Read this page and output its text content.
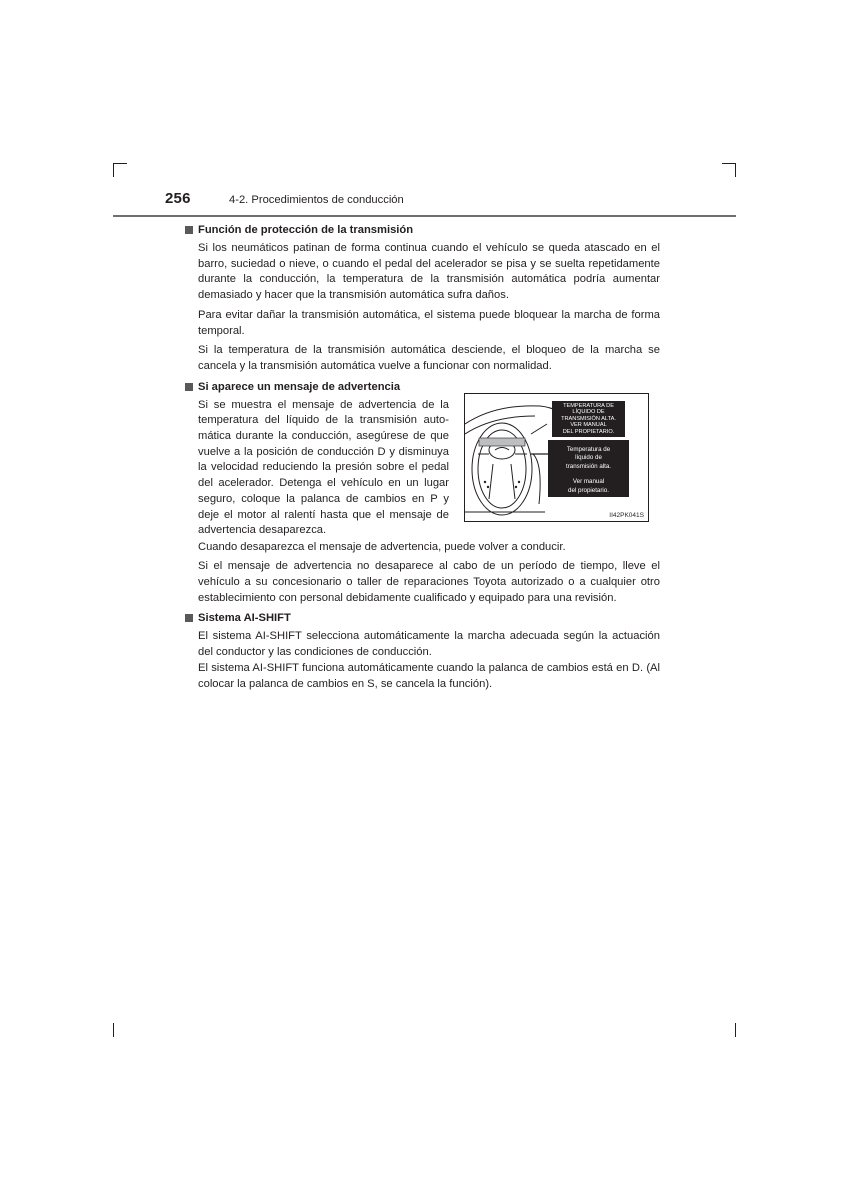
256	4-2. Procedimientos de conducción
Función de protección de la transmisión

Si los neumáticos patinan de forma continua cuando el vehículo se queda atascado en el barro, suciedad o nieve, o cuando el pedal del acelerador se pisa y se suelta repetidamente durante la conducción, la temperatura de la transmisión automática podría aumentar demasiado y hacer que la transmisión automática sufra daños.

Para evitar dañar la transmisión automática, el sistema puede bloquear la marcha de forma temporal.

Si la temperatura de la transmisión automática desciende, el bloqueo de la marcha se cancela y la transmisión automática vuelve a funcionar con normalidad.

Si aparece un mensaje de advertencia
Si se muestra el mensaje de advertencia de la temperatura del líquido de la transmisión automática durante la conducción, asegúrese de que vuelve a la posición de conducción D y disminuya la velocidad reduciendo la presión sobre el pedal del acelerador. Detenga el vehículo en un lugar seguro, coloque la palanca de cambios en P y deje el motor al ralentí hasta que el mensaje de advertencia desaparezca.
TEMPERATURA DE
LÍQUIDO DE
TRANSMISIÓN ALTA.
VER MANUAL
DEL PROPIETARIO.
Temperatura de
líquido de
transmisión alta.
Ver manual
del propietario.
II42PK041S

Cuando desaparezca el mensaje de advertencia, puede volver a conducir.

Si el mensaje de advertencia no desaparece al cabo de un período de tiempo, lleve el vehículo a su concesionario o taller de reparaciones Toyota autorizado o a cualquier otro establecimiento con personal debidamente cualificado y equipado para una revisión.

Sistema AI-SHIFT

El sistema AI-SHIFT selecciona automáticamente la marcha adecuada según la actuación del conductor y las condiciones de conducción.
El sistema AI-SHIFT funciona automáticamente cuando la palanca de cambios está en D. (Al colocar la palanca de cambios en S, se cancela la función).
